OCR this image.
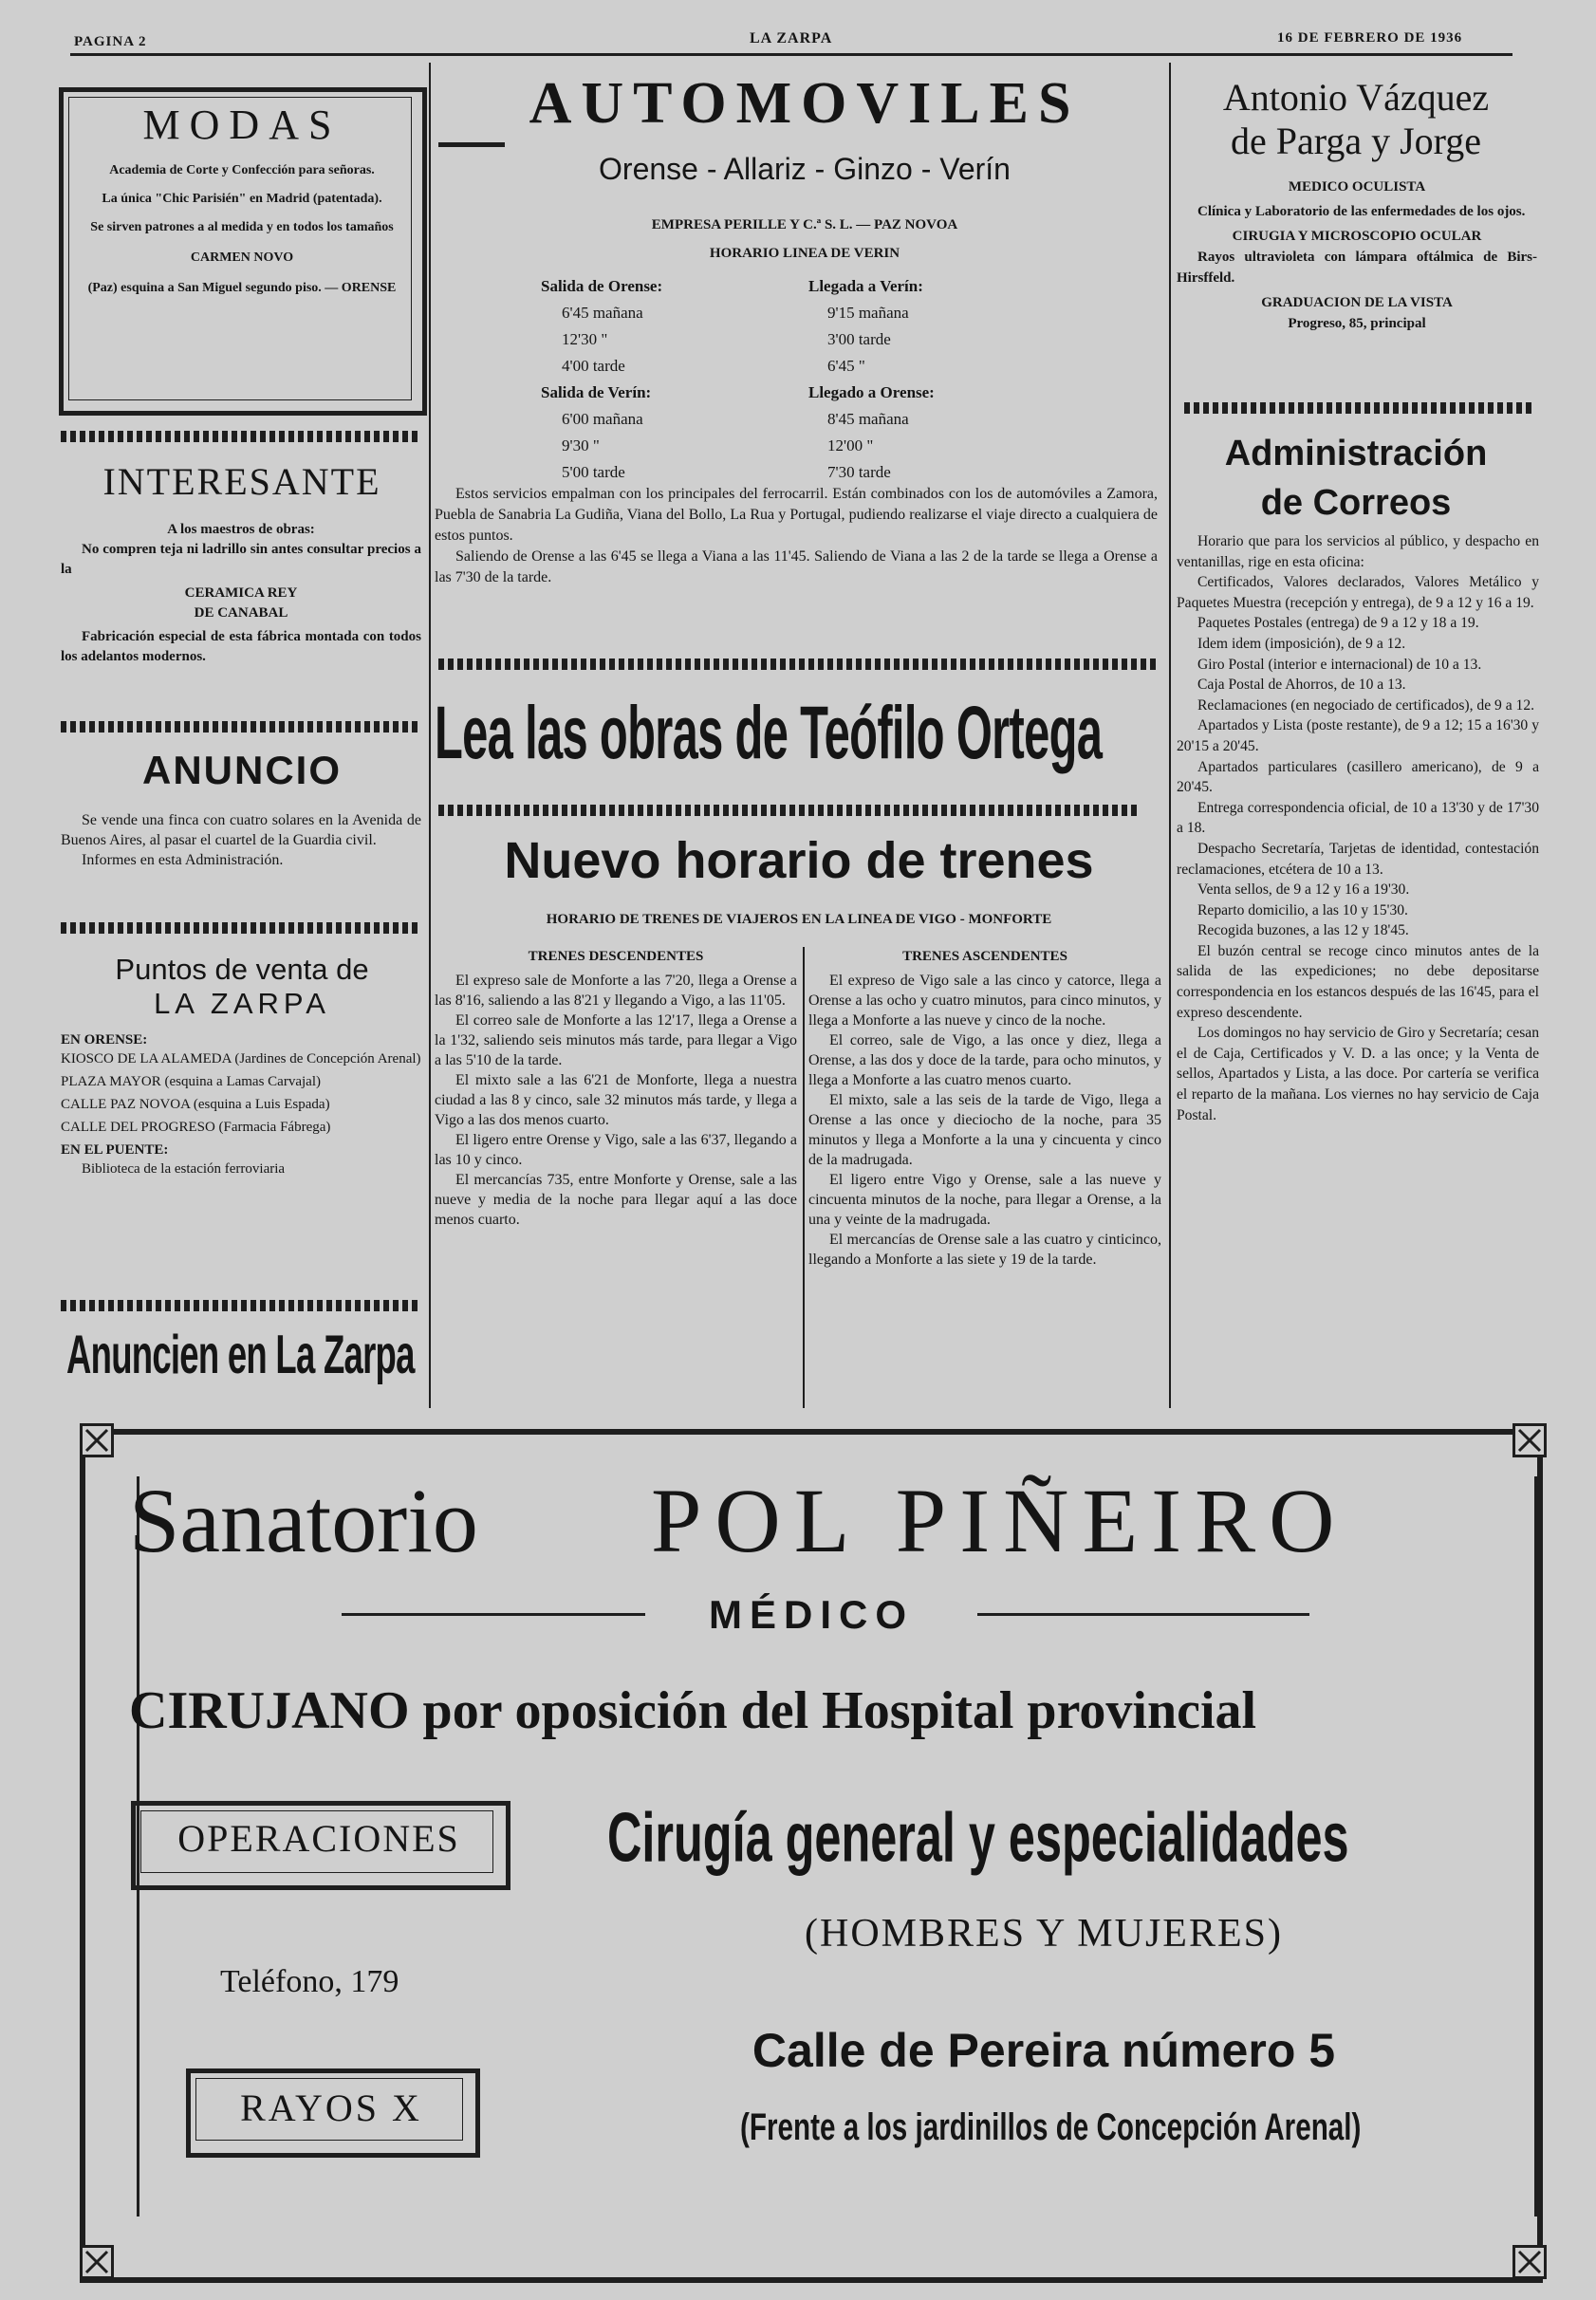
PAGINA 2	LA ZARPA	16 DE FEBRERO DE 1936
MODAS

Academia de Corte y Confección para señoras.

La única "Chic Parisién" en Madrid (patentada).

Se sirven patrones a al medida y en todos los tamaños

CARMEN NOVO

(Paz) esquina a San Miguel segundo piso. — ORENSE

INTERESANTE

A los maestros de obras:

No compren teja ni ladrillo sin antes consultar precios a la

CERAMICA REY

DE CANABAL

Fabricación especial de esta fábrica montada con todos los adelantos modernos.

ANUNCIO

Se vende una finca con cuatro solares en la Avenida de Buenos Aires, al pasar el cuartel de la Guardia civil.

Informes en esta Administración.

Puntos de venta de

LA ZARPA

EN ORENSE:

KIOSCO DE LA ALAMEDA (Jardines de Concepción Arenal)

PLAZA MAYOR (esquina a Lamas Carvajal)

CALLE PAZ NOVOA (esquina a Luis Espada)

CALLE DEL PROGRESO (Farmacia Fábrega)

EN EL PUENTE:

Biblioteca de la estación ferroviaria

Anuncien en La Zarpa
AUTOMOVILES
Orense - Allariz - Ginzo - Verín
EMPRESA PERILLE Y C.ª S. L. — PAZ NOVOA
HORARIO LINEA DE VERIN
Salida de Orense:	Llegada a Verín:
6'45 mañana	9'15 mañana
12'30 "	3'00 tarde
4'00 tarde	6'45 "
Salida de Verín:	Llegado a Orense:
6'00 mañana	8'45 mañana
9'30 "	12'00 "
5'00 tarde	7'30 tarde

Estos servicios empalman con los principales del ferrocarril. Están combinados con los de automóviles a Zamora, Puebla de Sanabria La Gudiña, Viana del Bollo, La Rua y Portugal, pudiendo realizarse el viaje directo a cualquiera de estos puntos.

Saliendo de Orense a las 6'45 se llega a Viana a las 11'45. Saliendo de Viana a las 2 de la tarde se llega a Orense a las 7'30 de la tarde.

Lea las obras de Teófilo Ortega
Nuevo horario de trenes
HORARIO DE TRENES DE VIAJEROS EN LA LINEA DE VIGO - MONFORTE

TRENES DESCENDENTES

El expreso sale de Monforte a las 7'20, llega a Orense a las 8'16, saliendo a las 8'21 y llegando a Vigo, a las 11'05.

El correo sale de Monforte a las 12'17, llega a Orense a la 1'32, saliendo seis minutos más tarde, para llegar a Vigo a las 5'10 de la tarde.

El mixto sale a las 6'21 de Monforte, llega a nuestra ciudad a las 8 y cinco, sale 32 minutos más tarde, y llega a Vigo a las dos menos cuarto.

El ligero entre Orense y Vigo, sale a las 6'37, llegando a las 10 y cinco.

El mercancías 735, entre Monforte y Orense, sale a las nueve y media de la noche para llegar aquí a las doce menos cuarto.

TRENES ASCENDENTES

El expreso de Vigo sale a las cinco y catorce, llega a Orense a las ocho y cuatro minutos, para cinco minutos, y llega a Monforte a las nueve y cinco de la noche.

El correo, sale de Vigo, a las once y diez, llega a Orense, a las dos y doce de la tarde, para ocho minutos, y llega a Monforte a las cuatro menos cuarto.

El mixto, sale a las seis de la tarde de Vigo, llega a Orense a las once y dieciocho de la noche, para 35 minutos y llega a Monforte a la una y cincuenta y cinco de la madrugada.

El ligero entre Vigo y Orense, sale a las nueve y cincuenta minutos de la noche, para llegar a Orense, a la una y veinte de la madrugada.

El mercancías de Orense sale a las cuatro y cinticinco, llegando a Monforte a las siete y 19 de la tarde.

Antonio Vázquez

de Parga y Jorge

MEDICO OCULISTA

Clínica y Laboratorio de las enfermedades de los ojos.

CIRUGIA Y MICROSCOPIO OCULAR

Rayos ultravioleta con lámpara oftálmica de Birs-Hirsffeld.

GRADUACION DE LA VISTA

Progreso, 85, principal

Administración

de Correos

Horario que para los servicios al público, y despacho en ventanillas, rige en esta oficina:

Certificados, Valores declarados, Valores Metálico y Paquetes Muestra (recepción y entrega), de 9 a 12 y 16 a 19.

Paquetes Postales (entrega) de 9 a 12 y 18 a 19.

Idem idem (imposición), de 9 a 12.

Giro Postal (interior e internacional) de 10 a 13.

Caja Postal de Ahorros, de 10 a 13.

Reclamaciones (en negociado de certificados), de 9 a 12.

Apartados y Lista (poste restante), de 9 a 12; 15 a 16'30 y 20'15 a 20'45.

Apartados particulares (casillero americano), de 9 a 20'45.

Entrega correspondencia oficial, de 10 a 13'30 y de 17'30 a 18.

Despacho Secretaría, Tarjetas de identidad, contestación reclamaciones, etcétera de 10 a 13.

Venta sellos, de 9 a 12 y 16 a 19'30.

Reparto domicilio, a las 10 y 15'30.

Recogida buzones, a las 12 y 18'45.

El buzón central se recoge cinco minutos antes de la salida de las expediciones; no debe depositarse correspondencia en los estancos después de las 16'45, para el expreso descendente.

Los domingos no hay servicio de Giro y Secretaría; cesan el de Caja, Certificados y V. D. a las once; y la Venta de sellos, Apartados y Lista, a las doce. Por cartería se verifica el reparto de la mañana. Los viernes no hay servicio de Caja Postal.

Sanatorio POL PIÑEIRO
MÉDICO
CIRUJANO por oposición del Hospital provincial
OPERACIONES	Cirugía general y especialidades
(HOMBRES Y MUJERES)
Teléfono, 179
Calle de Pereira número 5
RAYOS X	(Frente a los jardinillos de Concepción Arenal)
